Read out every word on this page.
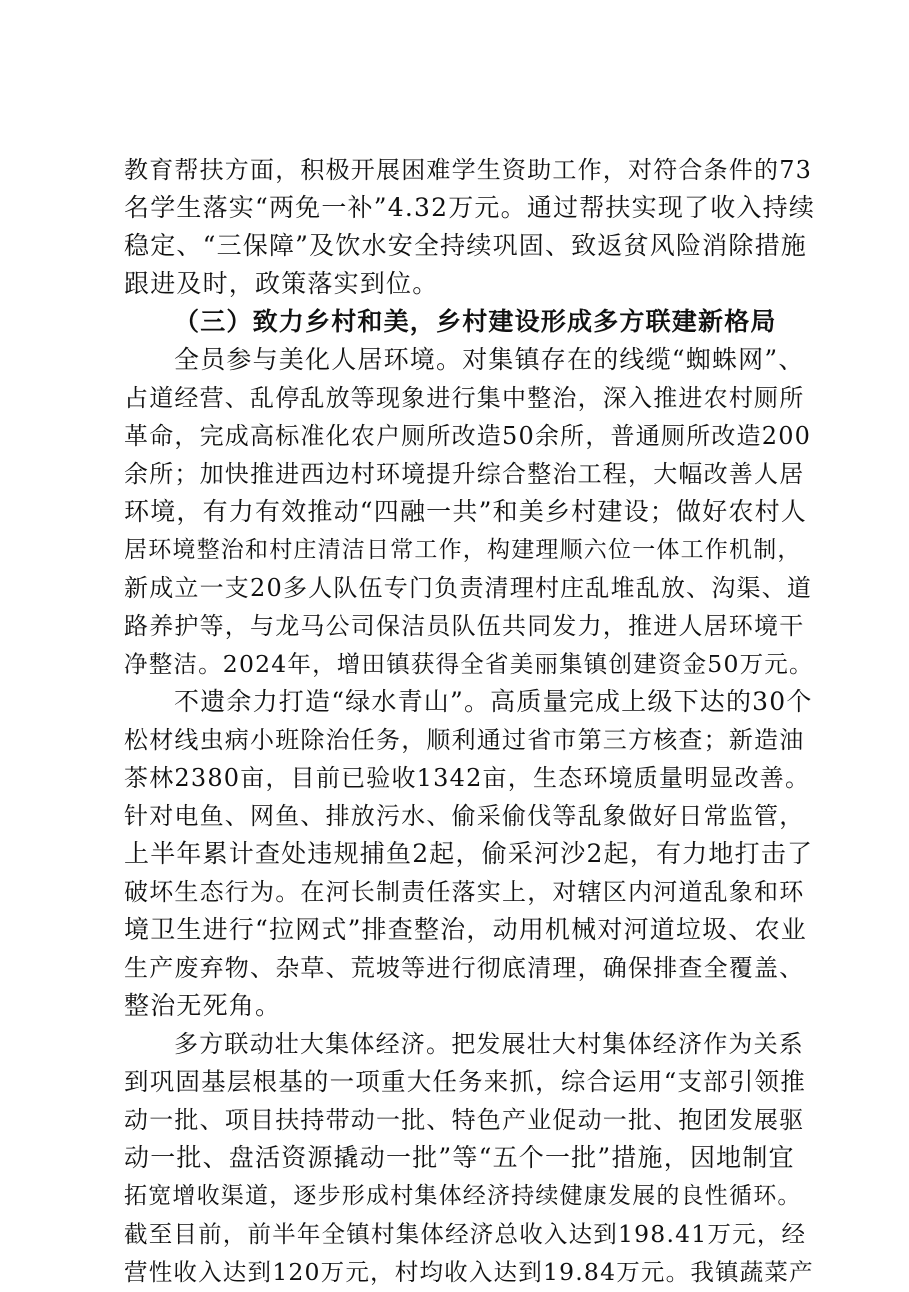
教育帮扶方面，积极开展困难学生资助工作，对符合条件的73
名学生落实“两免一补”4.32万元。通过帮扶实现了收入持续
稳定、“三保障”及饮水安全持续巩固、致返贫风险消除措施
跟进及时，政策落实到位。
（三）致力乡村和美，乡村建设形成多方联建新格局
全员参与美化人居环境。对集镇存在的线缆“蜘蛛网”、
占道经营、乱停乱放等现象进行集中整治，深入推进农村厕所
革命，完成高标准化农户厕所改造50余所，普通厕所改造200
余所；加快推进西边村环境提升综合整治工程，大幅改善人居
环境，有力有效推动“四融一共”和美乡村建设；做好农村人
居环境整治和村庄清洁日常工作，构建理顺六位一体工作机制，
新成立一支20多人队伍专门负责清理村庄乱堆乱放、沟渠、道
路养护等，与龙马公司保洁员队伍共同发力，推进人居环境干
净整洁。2024年，增田镇获得全省美丽集镇创建资金50万元。
不遗余力打造“绿水青山”。高质量完成上级下达的30个
松材线虫病小班除治任务，顺利通过省市第三方核查；新造油
茶林2380亩，目前已验收1342亩，生态环境质量明显改善。
针对电鱼、网鱼、排放污水、偷采偷伐等乱象做好日常监管，
上半年累计查处违规捕鱼2起，偷采河沙2起，有力地打击了
破坏生态行为。在河长制责任落实上，对辖区内河道乱象和环
境卫生进行“拉网式”排查整治，动用机械对河道垃圾、农业
生产废弃物、杂草、荒坡等进行彻底清理，确保排查全覆盖、
整治无死角。
多方联动壮大集体经济。把发展壮大村集体经济作为关系
到巩固基层根基的一项重大任务来抓，综合运用“支部引领推
动一批、项目扶持带动一批、特色产业促动一批、抱团发展驱
动一批、盘活资源撬动一批”等“五个一批”措施，因地制宜
拓宽增收渠道，逐步形成村集体经济持续健康发展的良性循环。
截至目前，前半年全镇村集体经济总收入达到198.41万元，经
营性收入达到120万元，村均收入达到19.84万元。我镇蔬菜产
